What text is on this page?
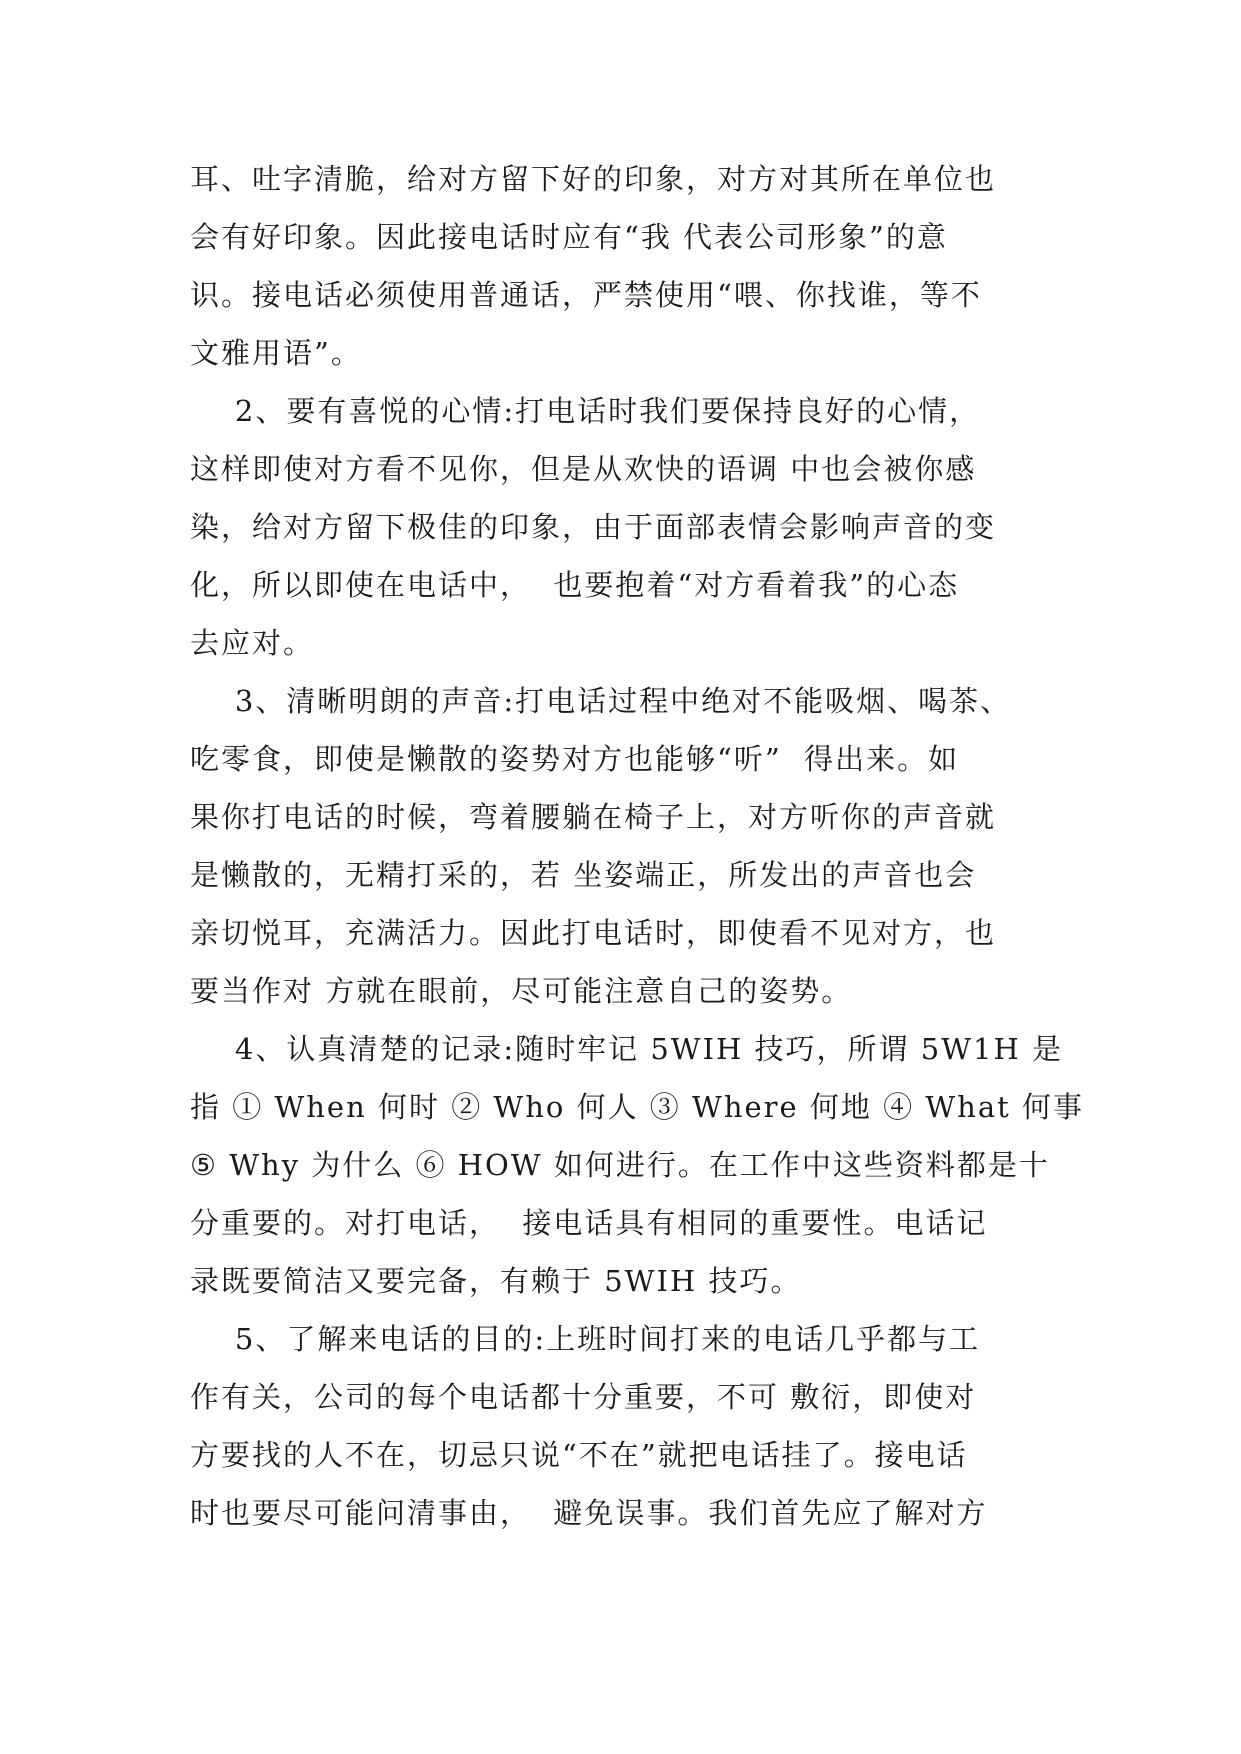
耳、吐字清脆，给对方留下好的印象，对方对其所在单位也
会有好印象。因此接电话时应有“我 代表公司形象”的意
识。接电话必须使用普通话，严禁使用“喂、你找谁，等不
文雅用语”。
2、要有喜悦的心情:打电话时我们要保持良好的心情，
这样即使对方看不见你，但是从欢快的语调 中也会被你感
染，给对方留下极佳的印象，由于面部表情会影响声音的变
化，所以即使在电话中，  也要抱着“对方看着我”的心态
去应对。
3、清晰明朗的声音:打电话过程中绝对不能吸烟、喝茶、
吃零食，即使是懒散的姿势对方也能够“听”  得出来。如
果你打电话的时候，弯着腰躺在椅子上，对方听你的声音就
是懒散的，无精打采的，若 坐姿端正，所发出的声音也会
亲切悦耳，充满活力。因此打电话时，即使看不见对方，也
要当作对 方就在眼前，尽可能注意自己的姿势。
4、认真清楚的记录:随时牢记 5WIH 技巧，所谓 5W1H 是
指 ① When 何时 ② Who 何人 ③ Where 何地 ④ What 何事
⑤ Why 为什么 ⑥ HOW 如何进行。在工作中这些资料都是十
分重要的。对打电话，  接电话具有相同的重要性。电话记
录既要简洁又要完备，有赖于 5WIH 技巧。
5、了解来电话的目的:上班时间打来的电话几乎都与工
作有关，公司的每个电话都十分重要，不可 敷衍，即使对
方要找的人不在，切忌只说“不在”就把电话挂了。接电话
时也要尽可能问清事由，  避免误事。我们首先应了解对方
